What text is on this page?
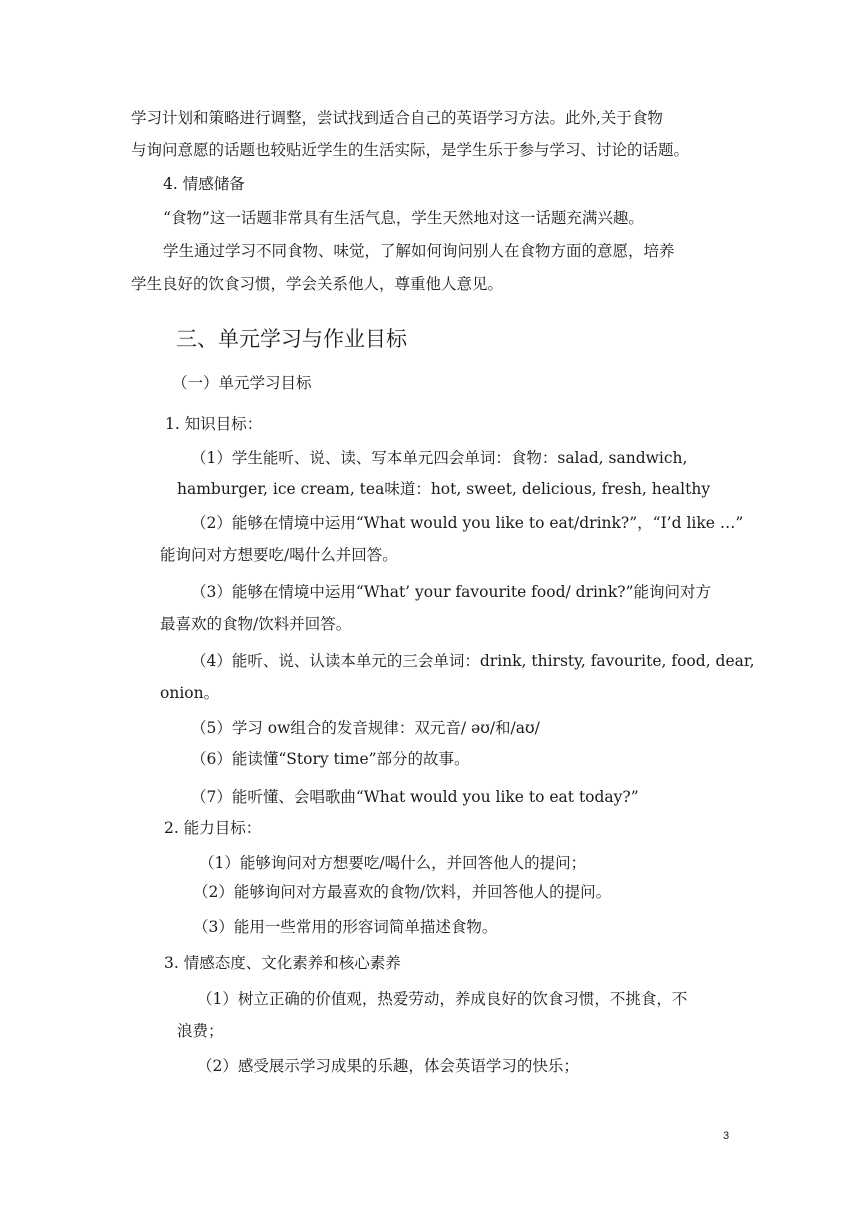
学习计划和策略进行调整，尝试找到适合自己的英语学习方法。此外,关于食物
与询问意愿的话题也较贴近学生的生活实际，是学生乐于参与学习、讨论的话题。
4. 情感储备
“食物”这一话题非常具有生活气息，学生天然地对这一话题充满兴趣。
学生通过学习不同食物、味觉，了解如何询问别人在食物方面的意愿，培养
学生良好的饮食习惯，学会关系他人，尊重他人意见。
三、单元学习与作业目标
（一）单元学习目标
1. 知识目标：
（1）学生能听、说、读、写本单元四会单词：食物：salad, sandwich,
hamburger, ice cream, tea味道：hot, sweet, delicious, fresh, healthy
（2）能够在情境中运用“What would you like to eat/drink?”，“I’d like …”
能询问对方想要吃/喝什么并回答。
（3）能够在情境中运用“What’ your favourite food/ drink?”能询问对方
最喜欢的食物/饮料并回答。
（4）能听、说、认读本单元的三会单词：drink, thirsty, favourite, food, dear,
onion。
（5）学习 ow组合的发音规律：双元音/ əʊ/和/aʊ/
（6）能读懂“Story time”部分的故事。
（7）能听懂、会唱歌曲“What would you like to eat today?”
2. 能力目标：
（1）能够询问对方想要吃/喝什么，并回答他人的提问；
（2）能够询问对方最喜欢的食物/饮料，并回答他人的提问。
（3）能用一些常用的形容词简单描述食物。
3. 情感态度、文化素养和核心素养
（1）树立正确的价值观，热爱劳动，养成良好的饮食习惯，不挑食，不
浪费；
（2）感受展示学习成果的乐趣，体会英语学习的快乐；
3
